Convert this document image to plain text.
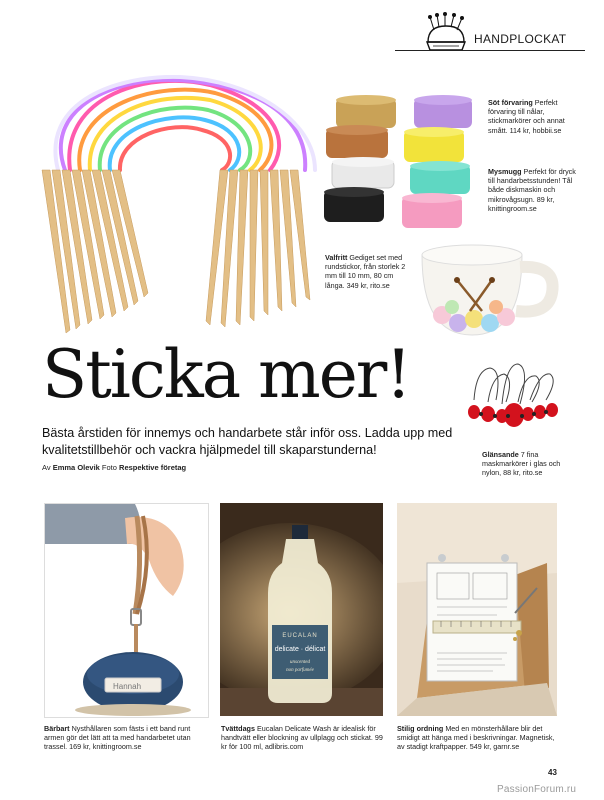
HANDPLOCKAT
Söt förvaring Perfekt förvaring till nålar, stickmarkörer och annat smått. 114 kr, hobbii.se
Mysmugg Perfekt för dryck till handarbetsstunden! Tål både diskmaskin och mikrovågsugn. 89 kr, knittingroom.se
Valfritt Gediget set med rundstickor, från storlek 2 mm till 10 mm, 80 cm långa. 349 kr, rito.se
Sticka mer!
Bästa årstiden för innemys och handarbete står inför oss. Ladda upp med kvalitetstillbehör och vackra hjälpmedel till skaparstunderna!
Av Emma Olevik Foto Respektive företag
Glänsande 7 fina maskmarkörer i glas och nylon, 88 kr, rito.se
Hannah
EUCALAN
delicate · délicat
unscented
non parfumée
Bärbart Nysthållaren som fästs i ett band runt armen gör det lätt att ta med handarbetet utan trassel. 169 kr, knittingroom.se
Tvättdags Eucalan Delicate Wash är idealisk för handtvätt eller blockning av ullplagg och stickat. 99 kr för 100 ml, adlibris.com
Stilig ordning Med en mönsterhållare blir det smidigt att hänga med i beskrivningar. Magnetisk, av stadigt kraftpapper. 549 kr, garnr.se
43
PassionForum.ru
